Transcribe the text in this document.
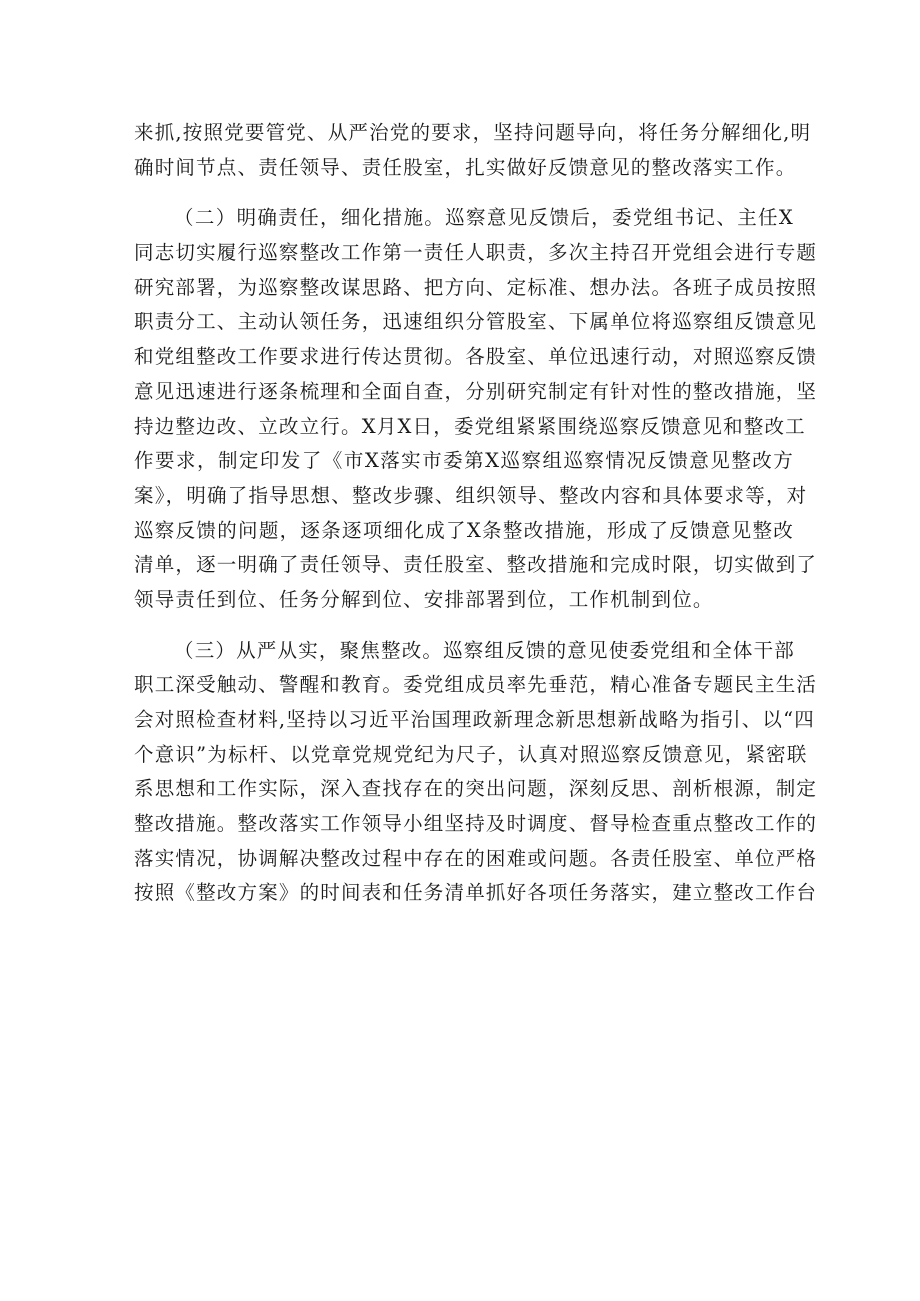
来抓,按照党要管党、从严治党的要求，坚持问题导向，将任务分解细化,明
确时间节点、责任领导、责任股室，扎实做好反馈意见的整改落实工作。
（二）明确责任，细化措施。巡察意见反馈后，委党组书记、主任X
同志切实履行巡察整改工作第一责任人职责，多次主持召开党组会进行专题
研究部署，为巡察整改谋思路、把方向、定标准、想办法。各班子成员按照
职责分工、主动认领任务，迅速组织分管股室、下属单位将巡察组反馈意见
和党组整改工作要求进行传达贯彻。各股室、单位迅速行动，对照巡察反馈
意见迅速进行逐条梳理和全面自查，分别研究制定有针对性的整改措施，坚
持边整边改、立改立行。X月X日，委党组紧紧围绕巡察反馈意见和整改工
作要求，制定印发了《市X落实市委第X巡察组巡察情况反馈意见整改方
案》，明确了指导思想、整改步骤、组织领导、整改内容和具体要求等，对
巡察反馈的问题，逐条逐项细化成了X条整改措施，形成了反馈意见整改
清单，逐一明确了责任领导、责任股室、整改措施和完成时限，切实做到了
领导责任到位、任务分解到位、安排部署到位，工作机制到位。
（三）从严从实，聚焦整改。巡察组反馈的意见使委党组和全体干部
职工深受触动、警醒和教育。委党组成员率先垂范，精心准备专题民主生活
会对照检查材料,坚持以习近平治国理政新理念新思想新战略为指引、以“四
个意识”为标杆、以党章党规党纪为尺子，认真对照巡察反馈意见，紧密联
系思想和工作实际，深入查找存在的突出问题，深刻反思、剖析根源，制定
整改措施。整改落实工作领导小组坚持及时调度、督导检查重点整改工作的
落实情况，协调解决整改过程中存在的困难或问题。各责任股室、单位严格
按照《整改方案》的时间表和任务清单抓好各项任务落实，建立整改工作台
